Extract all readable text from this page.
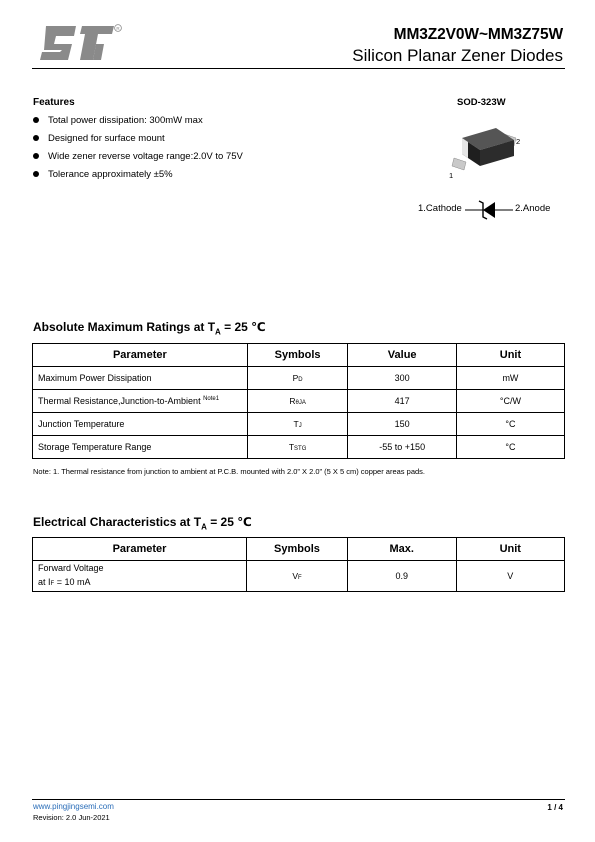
R	MM3Z2V0W~MM3Z75W
Silicon Planar Zener Diodes
Features
Total power dissipation: 300mW max
Designed for surface mount
Wide zener reverse voltage range:2.0V to 75V
Tolerance approximately ±5%
SOD-323W
1
2
1.Cathode	2.Anode
Absolute Maximum Ratings at $T_A = 25$ ℃
Parameter	Symbols	Value	Unit
Maximum Power Dissipation	PD	300	mW
Thermal Resistance,Junction-to-Ambient $^{Note1}$	RθJA	417	°C/W
Junction Temperature	TJ	150	°C
Storage Temperature Range	TSTG	-55 to +150	°C
Note: 1. Thermal resistance from junction to ambient at P.C.B. mounted with 2.0” X 2.0” (5 X 5 cm) copper areas pads.
Electrical Characteristics at $T_A = 25$ ℃
Parameter	Symbols	Max.	Unit
Forward Voltage
at IF = 10 mA	VF	0.9	V
www.pingjingsemi.com
Revision: 2.0 Jun-2021
1 / 4
